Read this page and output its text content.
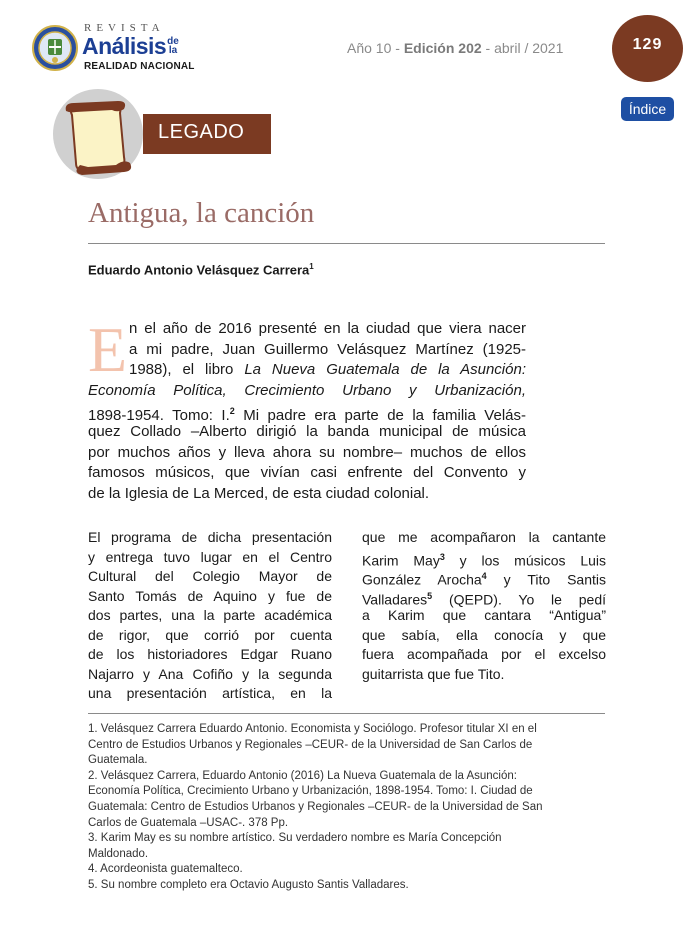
REVISTA
Análisis de la
REALIDAD NACIONAL
Año 10 - Edición 202 - abril / 2021	129
Índice
LEGADO
Antigua, la canción
Eduardo Antonio Velásquez Carrera$^1$
E n el año de 2016 presenté en la ciudad que viera nacer
a mi padre, Juan Guillermo Velásquez Martínez (1925-
1988), el libro La Nueva Guatemala de la Asunción:
Economía Política, Crecimiento Urbano y Urbanización,
1898-1954. Tomo: I.$^2$ Mi padre era parte de la familia Velás-
quez Collado –Alberto dirigió la banda municipal de música
por muchos años y lleva ahora su nombre– muchos de ellos
famosos músicos, que vivían casi enfrente del Convento y
de la Iglesia de La Merced, de esta ciudad colonial.
El programa de dicha presentación
y entrega tuvo lugar en el Centro
Cultural del Colegio Mayor de
Santo Tomás de Aquino y fue de
dos partes, una la parte académica
de rigor, que corrió por cuenta
de los historiadores Edgar Ruano
Najarro y Ana Cofiño y la segunda
una presentación artística, en la
que me acompañaron la cantante
Karim May$^3$ y los músicos Luis
González Arocha$^4$ y Tito Santis
Valladares$^5$ (QEPD). Yo le pedí
a Karim que cantara “Antigua”
que sabía, ella conocía y que
fuera acompañada por el excelso
guitarrista que fue Tito.
1. Velásquez Carrera Eduardo Antonio. Economista y Sociólogo. Profesor titular XI en el
Centro de Estudios Urbanos y Regionales –CEUR- de la Universidad de San Carlos de
Guatemala.
2. Velásquez Carrera, Eduardo Antonio (2016) La Nueva Guatemala de la Asunción:
Economía Política, Crecimiento Urbano y Urbanización, 1898-1954. Tomo: I. Ciudad de
Guatemala: Centro de Estudios Urbanos y Regionales –CEUR- de la Universidad de San
Carlos de Guatemala –USAC-. 378 Pp.
3. Karim May es su nombre artístico. Su verdadero nombre es María Concepción
Maldonado.
4. Acordeonista guatemalteco.
5. Su nombre completo era Octavio Augusto Santis Valladares.
